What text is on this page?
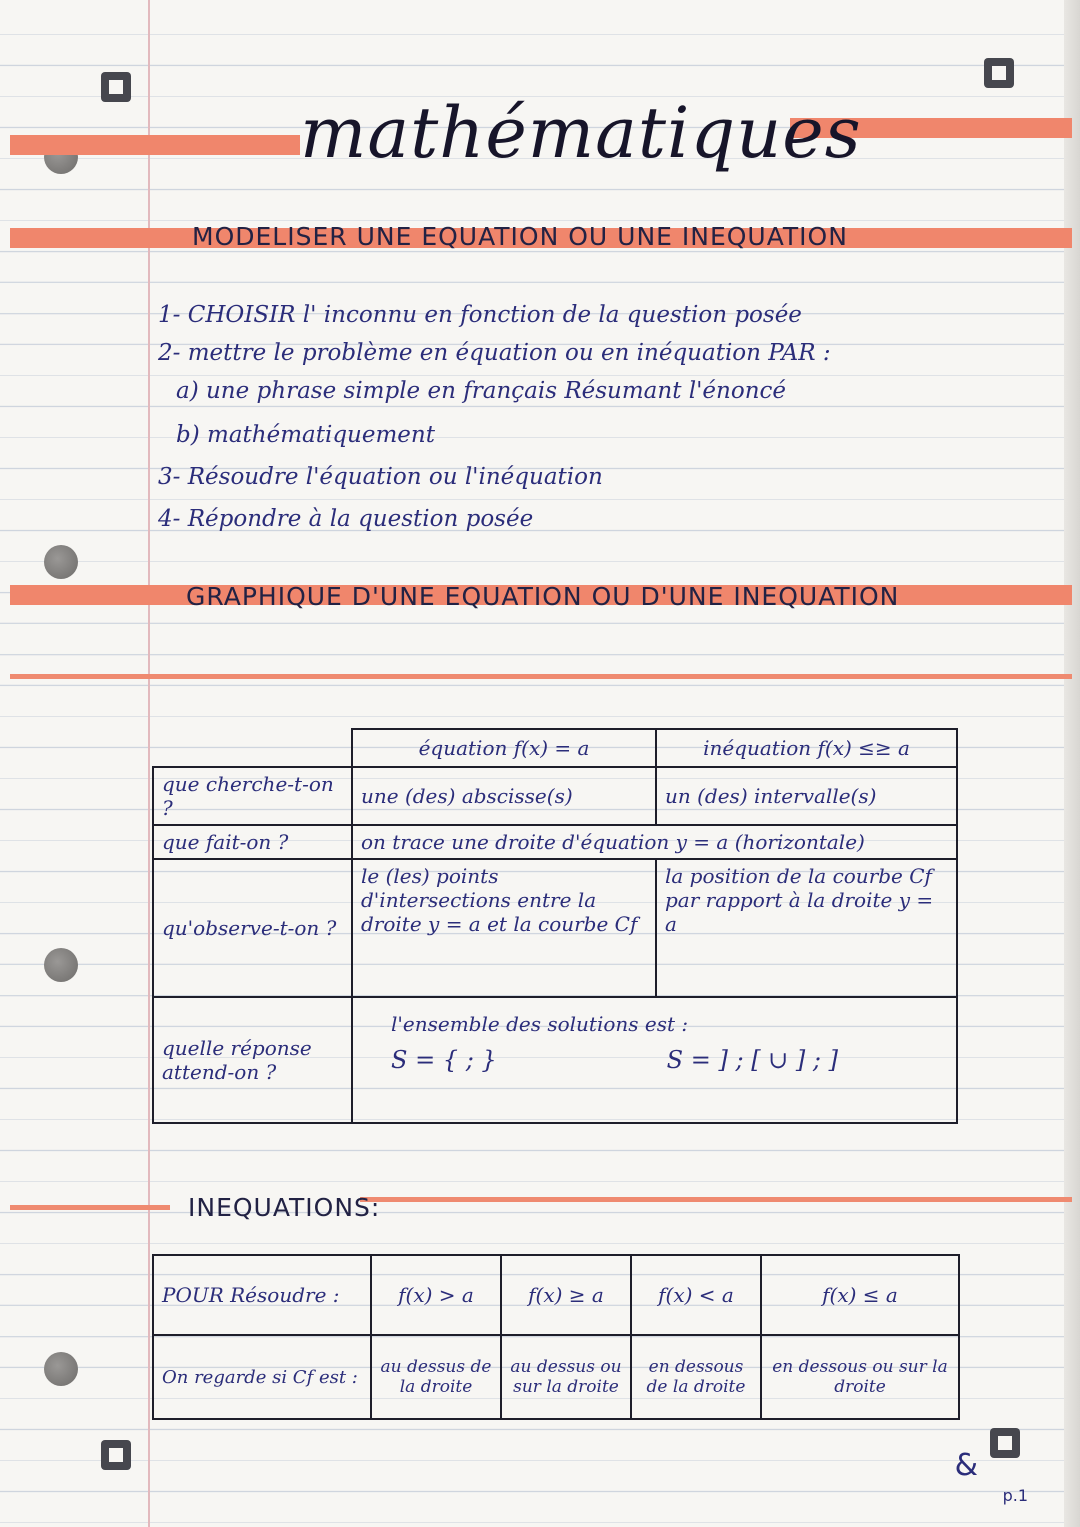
mathématiques
MODELISER UNE EQUATION OU UNE INEQUATION
1- CHOISIR l' inconnu en fonction de la question posée
2- mettre le problème en équation ou en inéquation PAR :
a) une phrase simple en français Résumant l'énoncé
b) mathématiquement
3- Résoudre l'équation ou l'inéquation
4- Répondre à la question posée
GRAPHIQUE D'UNE EQUATION OU D'UNE INEQUATION
	équation f(x) = a	inéquation f(x) ≤≥ a
que cherche-t-on ?	une (des) abscisse(s)	un (des) intervalle(s)
que fait-on ?	on trace une droite d'équation y = a (horizontale)	
qu'observe-t-on ?	le (les) points d'intersections entre la droite y = a et la courbe Cf	la position de la courbe Cf par rapport à la droite y = a
quelle réponse attend-on ?	l'ensemble des solutions est :
S = { ; } S = ] ; [ ∪ ] ; ]	
INEQUATIONS:
POUR Résoudre :	f(x) > a	f(x) ≥ a	f(x) < a	f(x) ≤ a
On regarde si Cf est :	au dessus de la droite	au dessus ou sur la droite	en dessous de la droite	en dessous ou sur la droite
&
p.1
